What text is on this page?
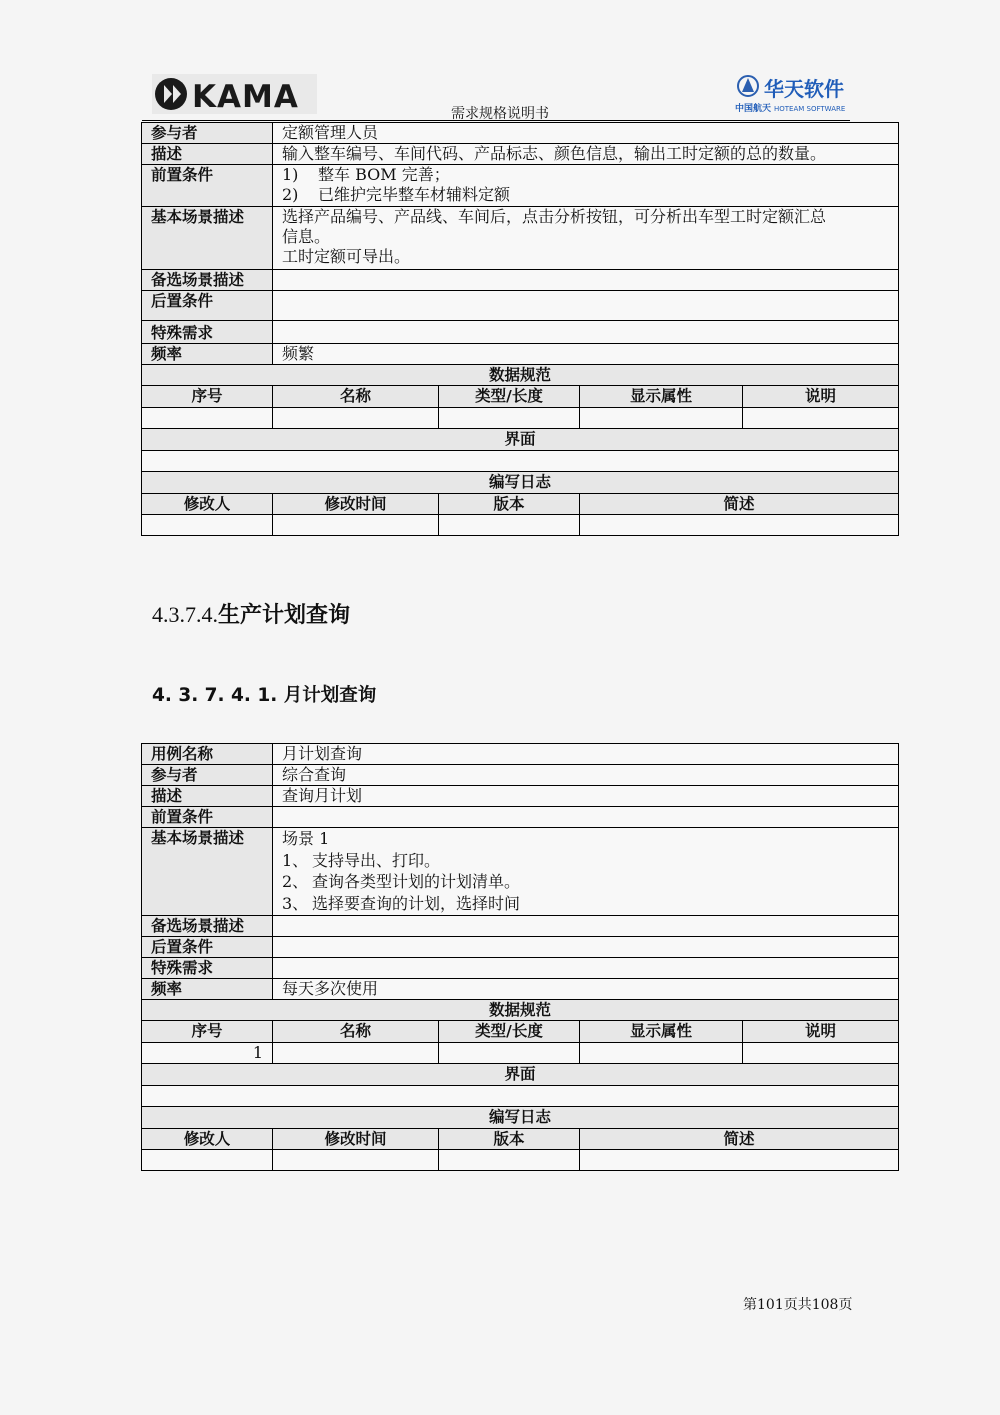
KAMA	华天软件
中国航天 HOTEAM SOFTWARE
需求规格说明书
参与者	定额管理人员			
描述	输入整车编号、车间代码、产品标志、颜色信息，输出工时定额的总的数量。			
前置条件	1) 整车 BOM 完善；
2) 已维护完毕整车材辅料定额			

基本场景描述	选择产品编号、产品线、车间后，点击分析按钮，可分析出车型工时定额汇总
信息。
工时定额可导出。			

备选场景描述				
后置条件				
特殊需求				
频率	频繁			
数据规范				
序号	名称	类型/长度	显示属性	说明

界面				

编写日志				
修改人	修改时间	版本	简述	

4.3.7.4.生产计划查询
4. 3. 7. 4. 1. 月计划查询
用例名称	月计划查询			
参与者	综合查询			
描述	查询月计划			
前置条件				
基本场景描述	场景 1
1、 支持导出、打印。
2、 查询各类型计划的计划清单。
3、 选择要查询的计划，选择时间			

备选场景描述				
后置条件				
特殊需求				
频率	每天多次使用			
数据规范				
序号	名称	类型/长度	显示属性	说明
1				
界面				

编写日志				
修改人	修改时间	版本	简述	

第101页共108页
